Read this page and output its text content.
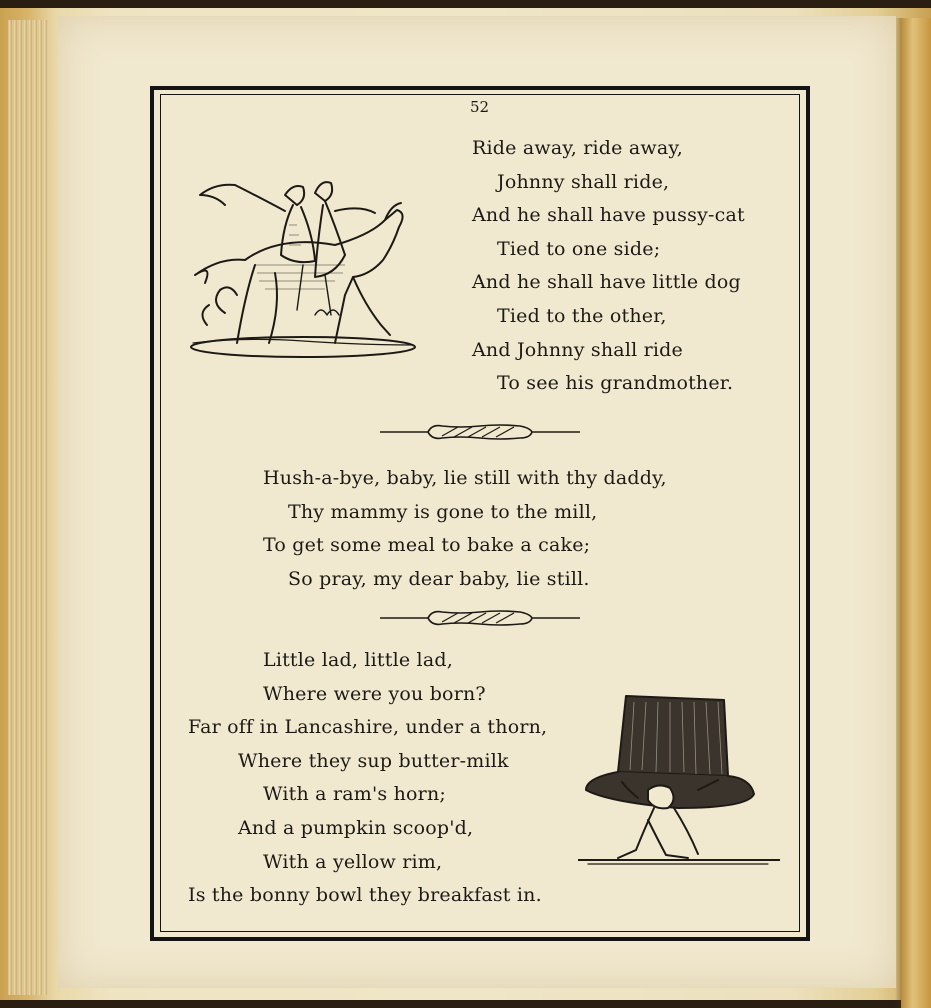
52
Ride away, ride away,
Johnny shall ride,
And he shall have pussy-cat
Tied to one side;
And he shall have little dog
Tied to the other,
And Johnny shall ride
To see his grandmother.
Hush-a-bye, baby, lie still with thy daddy,
Thy mammy is gone to the mill,
To get some meal to bake a cake;
So pray, my dear baby, lie still.
Little lad, little lad,
Where were you born?
Far off in Lancashire, under a thorn,
Where they sup butter-milk
With a ram's horn;
And a pumpkin scoop'd,
With a yellow rim,
Is the bonny bowl they breakfast in.
